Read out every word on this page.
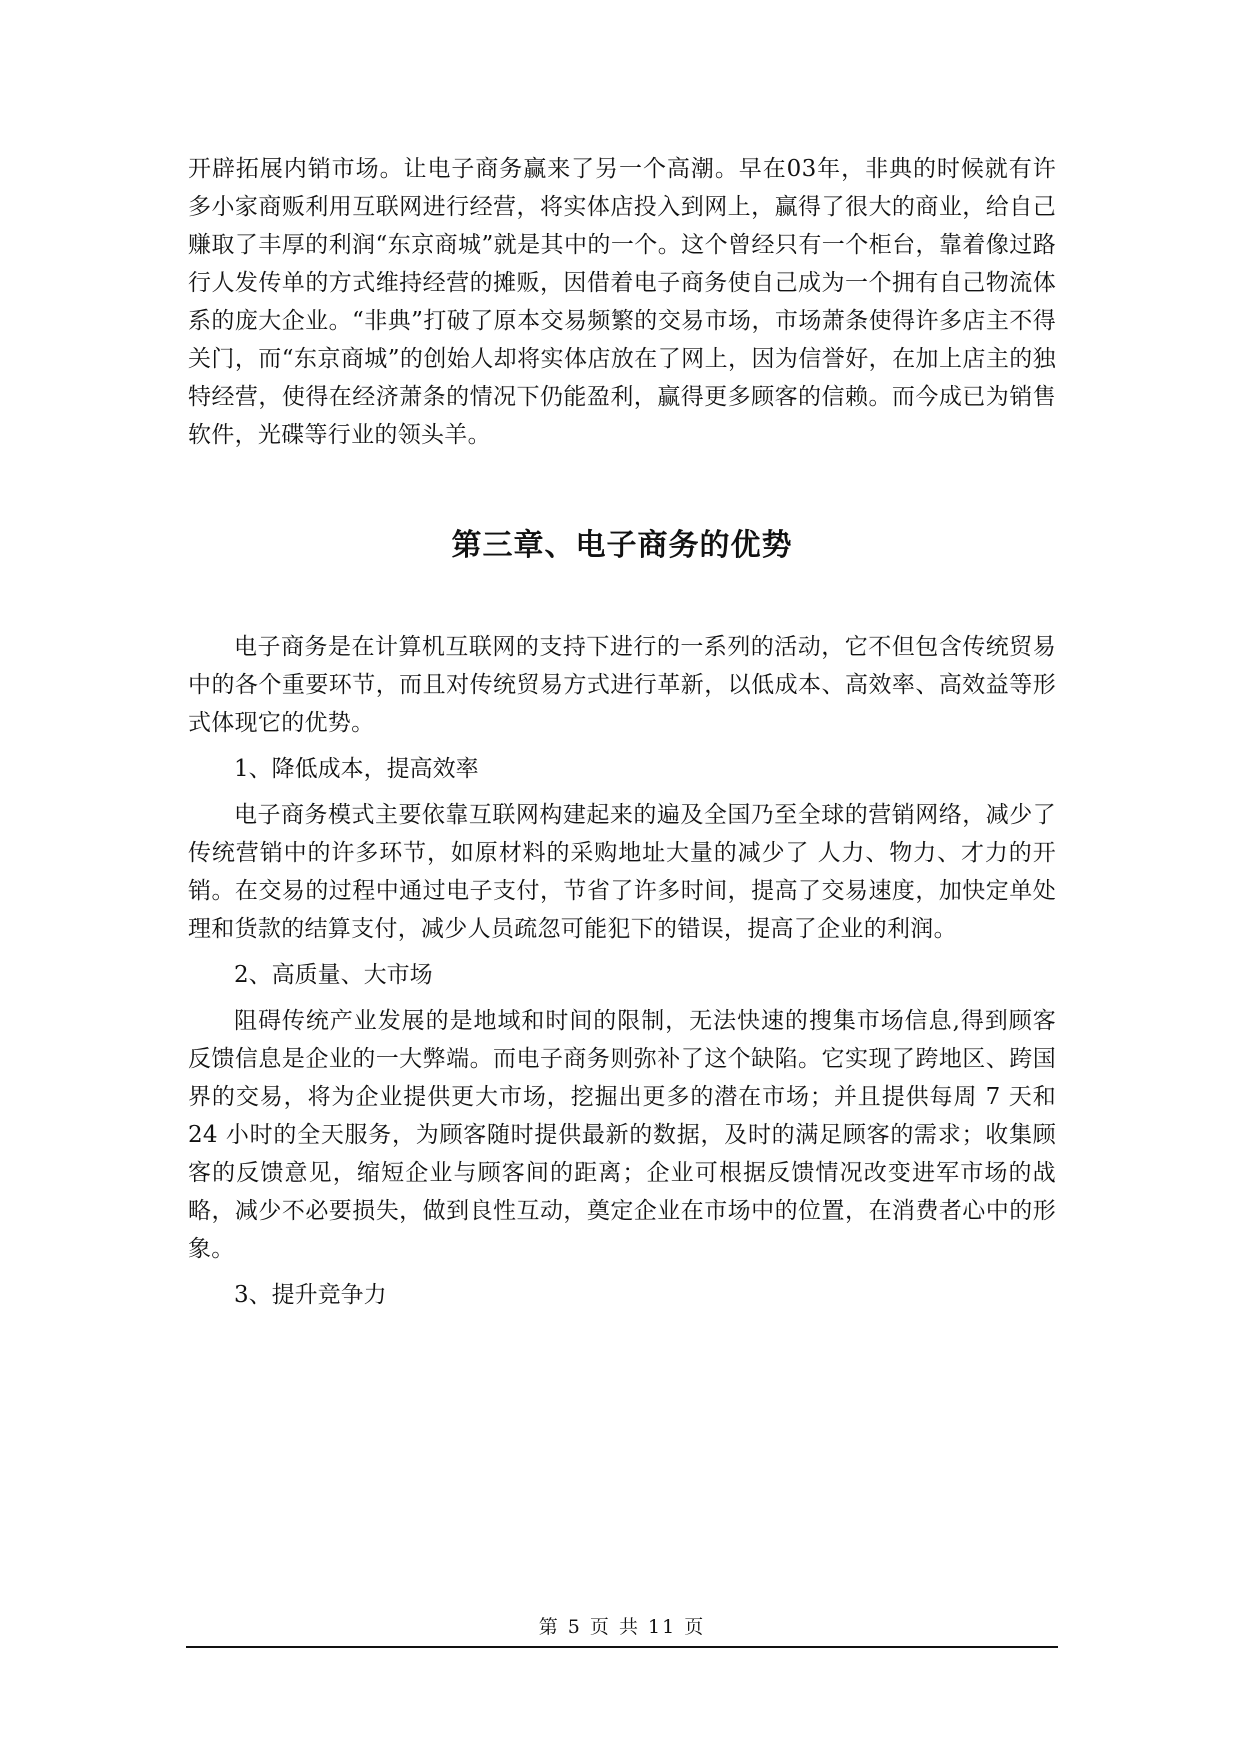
开辟拓展内销市场。让电子商务赢来了另一个高潮。早在03年，非典的时候就有许多小家商贩利用互联网进行经营，将实体店投入到网上，赢得了很大的商业，给自己赚取了丰厚的利润“东京商城”就是其中的一个。这个曾经只有一个柜台，靠着像过路行人发传单的方式维持经营的摊贩，因借着电子商务使自己成为一个拥有自己物流体系的庞大企业。“非典”打破了原本交易频繁的交易市场，市场萧条使得许多店主不得关门，而“东京商城”的创始人却将实体店放在了网上，因为信誉好，在加上店主的独特经营，使得在经济萧条的情况下仍能盈利，赢得更多顾客的信赖。而今成已为销售软件，光碟等行业的领头羊。

第三章、电子商务的优势

电子商务是在计算机互联网的支持下进行的一系列的活动，它不但包含传统贸易中的各个重要环节，而且对传统贸易方式进行革新，以低成本、高效率、高效益等形式体现它的优势。

1、降低成本，提高效率

电子商务模式主要依靠互联网构建起来的遍及全国乃至全球的营销网络，减少了传统营销中的许多环节，如原材料的采购地址大量的减少了 人力、物力、才力的开销。在交易的过程中通过电子支付，节省了许多时间，提高了交易速度，加快定单处理和货款的结算支付，减少人员疏忽可能犯下的错误，提高了企业的利润。

2、高质量、大市场

阻碍传统产业发展的是地域和时间的限制，无法快速的搜集市场信息,得到顾客反馈信息是企业的一大弊端。而电子商务则弥补了这个缺陷。它实现了跨地区、跨国界的交易，将为企业提供更大市场，挖掘出更多的潜在市场；并且提供每周 7 天和 24 小时的全天服务，为顾客随时提供最新的数据，及时的满足顾客的需求；收集顾客的反馈意见，缩短企业与顾客间的距离；企业可根据反馈情况改变进军市场的战略，减少不必要损失，做到良性互动，奠定企业在市场中的位置，在消费者心中的形象。

3、提升竞争力

第 5 页 共 11 页
